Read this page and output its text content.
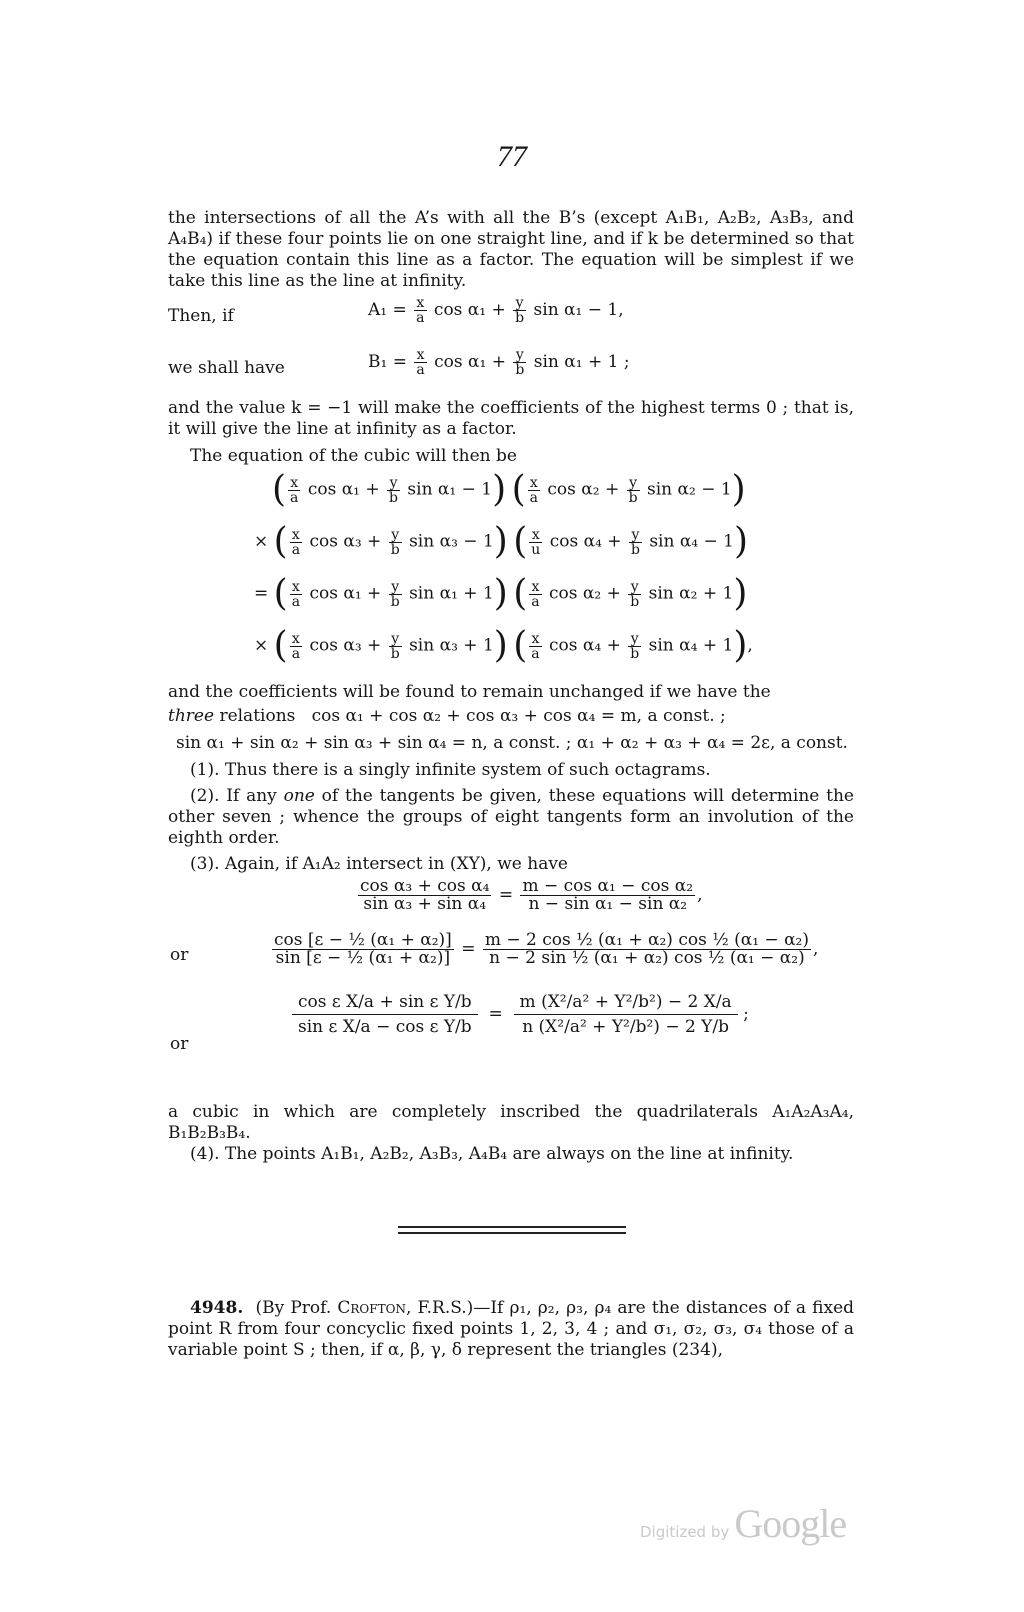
77
the intersections of all the A’s with all the B’s (except A₁B₁, A₂B₂, A₃B₃, and A₄B₄) if these four points lie on one straight line, and if k be determined so that the equation contain this line as a factor. The equation will be simplest if we take this line as the line at infinity.
Then, if	$A_1 = \frac{x}{a}$ $\cos \alpha_1 + \frac{y}{b}$ sin α₁ − 1,
we shall have	$B_1 = \frac{x}{a}$ $\cos \alpha_1 + \frac{y}{b}$ sin α₁ + 1 ;
and the value k = −1 will make the coefficients of the highest terms 0 ; that is, it will give the line at infinity as a factor.
The equation of the cubic will then be
( $\frac{x}{a}$ $\cos \alpha_1 + \frac{y}{b}$ sin α₁ − 1) ( $\frac{x}{a}$ $\cos \alpha_2 + \frac{y}{b}$ sin α₂ − 1)
× ( $\frac{x}{a}$ $\cos \alpha_3 + \frac{y}{b}$ sin α₃ − 1) ( $\frac{x}{u}$ $\cos \alpha_4 + \frac{y}{b}$ sin α₄ − 1)
= ( $\frac{x}{a}$ $\cos \alpha_1 + \frac{y}{b}$ sin α₁ + 1) ( $\frac{x}{a}$ $\cos \alpha_2 + \frac{y}{b}$ sin α₂ + 1)
× ( $\frac{x}{a}$ $\cos \alpha_3 + \frac{y}{b}$ sin α₃ + 1) ( $\frac{x}{a}$ $\cos \alpha_4 + \frac{y}{b}$ sin α₄ + 1),
and the coefficients will be found to remain unchanged if we have the
three relations cos α₁ + cos α₂ + cos α₃ + cos α₄ = m, a const. ;
sin α₁ + sin α₂ + sin α₃ + sin α₄ = n, a const. ; α₁ + α₂ + α₃ + α₄ = 2ε, a const.
(1). Thus there is a singly infinite system of such octagrams.
(2). If any one of the tangents be given, these equations will determine the other seven ; whence the groups of eight tangents form an involution of the eighth order.
(3). Again, if A₁A₂ intersect in (XY), we have
$\frac{\text{cos α₃ + cos α₄}}{\text{sin α₃ + sin α₄}} = \frac{\text{m − cos α₁ − cos α₂}}{\text{n − sin α₁ − sin α₂}}$ ,
or	$\frac{\text{cos [ε − ½ (α₁ + α₂)]}}{\text{sin [ε − ½ (α₁ + α₂)]}} = \frac{\text{m − 2 cos ½ (α₁ + α₂) cos ½ (α₁ − α₂)}}{\text{n − 2 sin ½ (α₁ + α₂) cos ½ (α₁ − α₂)}}$ ,
or
$\frac{\text{cos ε X/a + sin ε Y/b}}{\text{sin ε X/a − cos ε Y/b}} = \frac{\text{m (X²/a² + Y²/b²) − 2 X/a}}{\text{n (X²/a² + Y²/b²) − 2 Y/b}}$ ;
a cubic in which are completely inscribed the quadrilaterals A₁A₂A₃A₄, B₁B₂B₃B₄.
(4). The points A₁B₁, A₂B₂, A₃B₃, A₄B₄ are always on the line at infinity.
4948. (By Prof. Crofton, F.R.S.)—If ρ₁, ρ₂, ρ₃, ρ₄ are the distances of a fixed point R from four concyclic fixed points 1, 2, 3, 4 ; and σ₁, σ₂, σ₃, σ₄ those of a variable point S ; then, if α, β, γ, δ represent the triangles (234),
Digitized by Google
